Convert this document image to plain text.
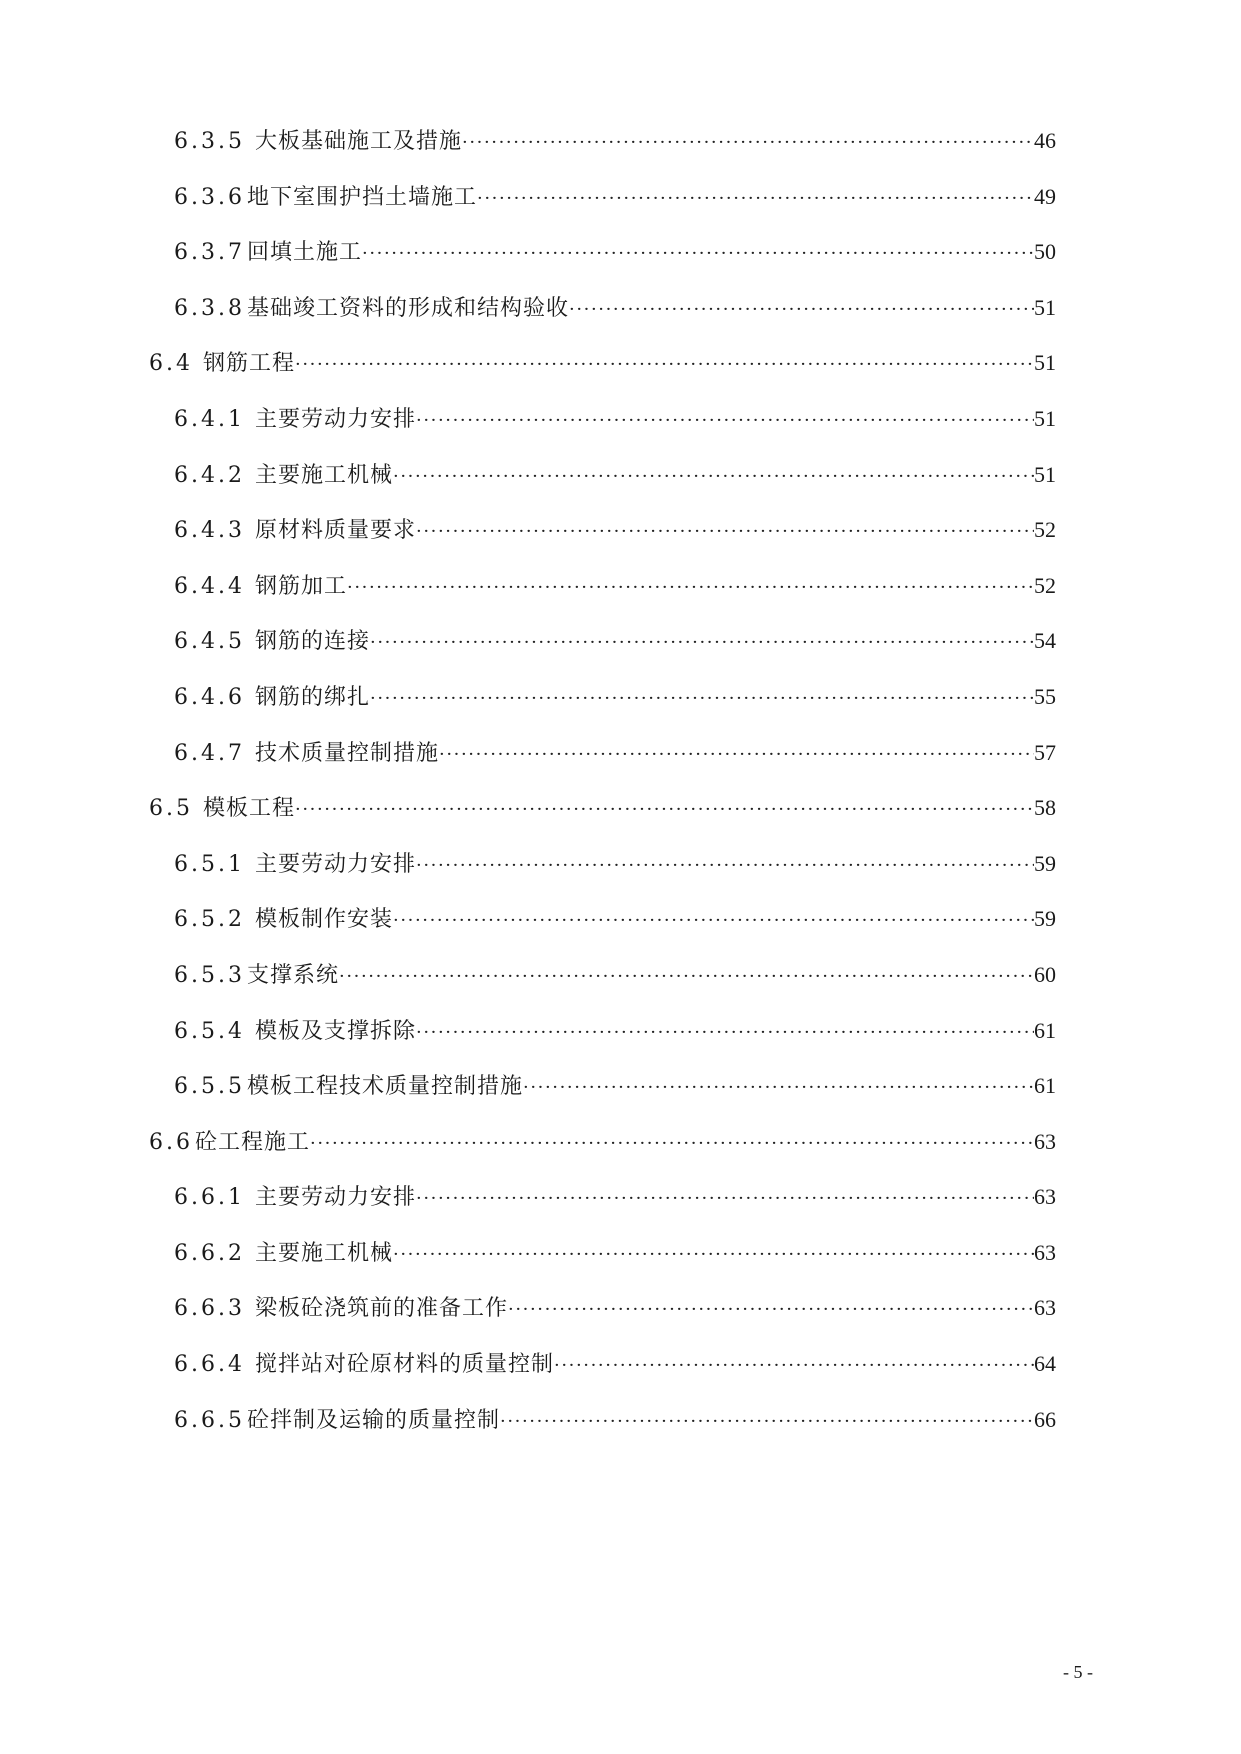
6.3.5 大板基础施工及措施 ·····	46
6.3.6 地下室围护挡土墙施工 ·····	49
6.3.7 回填土施工 ·····	50
6.3.8 基础竣工资料的形成和结构验收 ·····	51
6.4 钢筋工程 ·····	51
6.4.1 主要劳动力安排 ·····	51
6.4.2 主要施工机械 ·····	51
6.4.3 原材料质量要求 ·····	52
6.4.4 钢筋加工 ·····	52
6.4.5 钢筋的连接 ·····	54
6.4.6 钢筋的绑扎 ·····	55
6.4.7 技术质量控制措施 ·····	57
6.5 模板工程 ·····	58
6.5.1 主要劳动力安排 ·····	59
6.5.2 模板制作安装 ·····	59
6.5.3 支撑系统 ·····	60
6.5.4 模板及支撑拆除 ·····	61
6.5.5 模板工程技术质量控制措施 ·····	61
6.6 砼工程施工 ·····	63
6.6.1 主要劳动力安排 ·····	63
6.6.2 主要施工机械 ·····	63
6.6.3 梁板砼浇筑前的准备工作 ·····	63
6.6.4 搅拌站对砼原材料的质量控制 ·····	64
6.6.5 砼拌制及运输的质量控制 ·····	66
- 5 -
